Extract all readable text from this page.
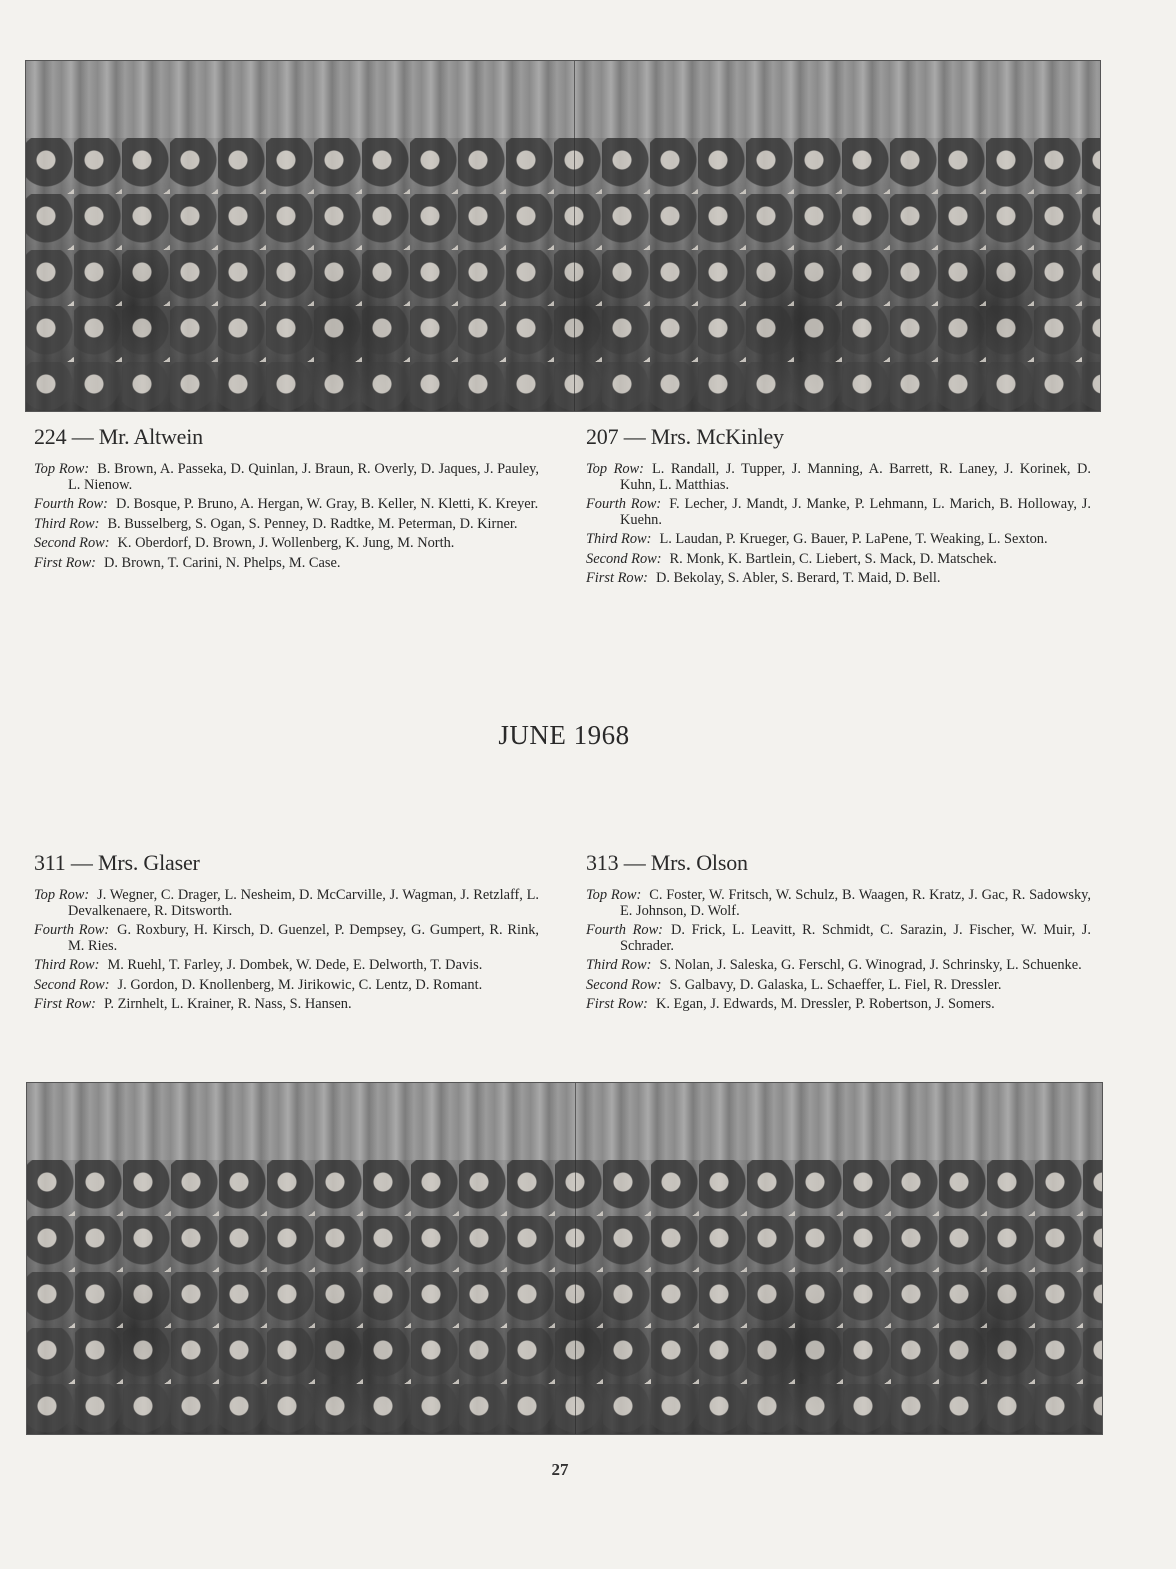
224 — Mr. Altwein

Top Row: B. Brown, A. Passeka, D. Quinlan, J. Braun, R. Overly, D. Jaques, J. Pauley, L. Nienow.

Fourth Row: D. Bosque, P. Bruno, A. Hergan, W. Gray, B. Keller, N. Kletti, K. Kreyer.

Third Row: B. Busselberg, S. Ogan, S. Penney, D. Radtke, M. Peterman, D. Kirner.

Second Row: K. Oberdorf, D. Brown, J. Wollenberg, K. Jung, M. North.

First Row: D. Brown, T. Carini, N. Phelps, M. Case.

207 — Mrs. McKinley

Top Row: L. Randall, J. Tupper, J. Manning, A. Barrett, R. Laney, J. Korinek, D. Kuhn, L. Matthias.

Fourth Row: F. Lecher, J. Mandt, J. Manke, P. Lehmann, L. Marich, B. Holloway, J. Kuehn.

Third Row: L. Laudan, P. Krueger, G. Bauer, P. LaPene, T. Weaking, L. Sexton.

Second Row: R. Monk, K. Bartlein, C. Liebert, S. Mack, D. Matschek.

First Row: D. Bekolay, S. Abler, S. Berard, T. Maid, D. Bell.

JUNE 1968
311 — Mrs. Glaser

Top Row: J. Wegner, C. Drager, L. Nesheim, D. McCarville, J. Wagman, J. Retzlaff, L. Devalkenaere, R. Ditsworth.

Fourth Row: G. Roxbury, H. Kirsch, D. Guenzel, P. Dempsey, G. Gumpert, R. Rink, M. Ries.

Third Row: M. Ruehl, T. Farley, J. Dombek, W. Dede, E. Delworth, T. Davis.

Second Row: J. Gordon, D. Knollenberg, M. Jirikowic, C. Lentz, D. Romant.

First Row: P. Zirnhelt, L. Krainer, R. Nass, S. Hansen.

313 — Mrs. Olson

Top Row: C. Foster, W. Fritsch, W. Schulz, B. Waagen, R. Kratz, J. Gac, R. Sadowsky, E. Johnson, D. Wolf.

Fourth Row: D. Frick, L. Leavitt, R. Schmidt, C. Sarazin, J. Fischer, W. Muir, J. Schrader.

Third Row: S. Nolan, J. Saleska, G. Ferschl, G. Winograd, J. Schrinsky, L. Schuenke.

Second Row: S. Galbavy, D. Galaska, L. Schaeffer, L. Fiel, R. Dressler.

First Row: K. Egan, J. Edwards, M. Dressler, P. Robertson, J. Somers.

27
